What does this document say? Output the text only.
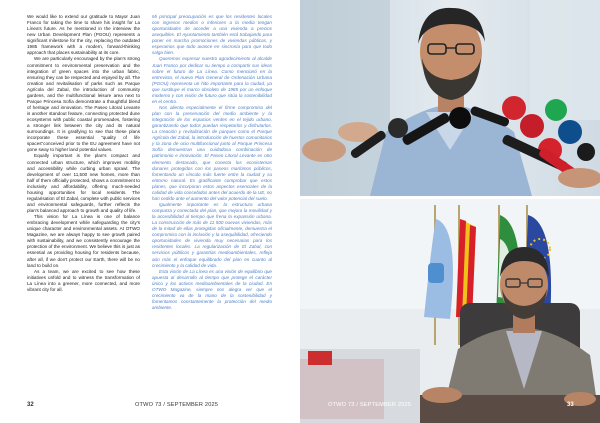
We would like to extend our gratitude to Mayor Juan Franco for taking the time to share his insight for La Línea's future. As he mentioned in the interview the new Urban Development Plan (PGOU) represents a significant milestone for the city, replacing the outdated 1985 framework with a modern, forward-thinking approach that places sustainability at its core.

We are particularly encouraged by the plan's strong commitment to environmental preservation and the integration of green spaces into the urban fabric, ensuring they can be respected and enjoyed by all. The creation and revitalisation of parks such as Parque Agrícola del Zabal, the introduction of community gardens, and the multifunctional leisure area next to Parque Princesa Sofía demonstrate a thoughtful blend of heritage and innovation. The Paseo Litoral Levante is another standout feature, connecting protected dune ecosystems with public coastal promenades, fostering a stronger link between the city and its natural surroundings. It is gratifying to see that these plans incorporate these essential "quality of life spaces"conceived prior to the EU agreement have not gone sway to higher land potential values.

Equally important is the plan's compact and connected urban structure, which improves mobility and accessibility while curbing urban sprawl. The development of over 11,500 new homes, more than half of them officially protected, shows a commitment to inclusivity and affordability, offering much-needed housing opportunities for local residents. The regularisation of El Zabal, complete with public services and environmental safeguards, further reflects the plan's balanced approach to growth and quality of life.

This vision for La Línea is one of balance embracing development while safeguarding the city's unique character and environmental assets. At OTWO Magazine, we are always happy to see growth paired with sustainability, and we consistently encourage the protection of the environment. We believe this is just as essential as providing housing for residents because, after all, if we don't protect our Earth, there will be no land to build on.

As a team, we are excited to see how these initiatives unfold and to witness the transformation of La Línea into a greener, more connected, and more vibrant city for all.

Mi principal preocupación es que los residentes locales con ingresos medios o inferiores a la media tengan oportunidades de acceder a una vivienda a precios asequibles. El Ayuntamiento también está trabajando para poner en marcha promociones de viviendas públicas, y esperamos que todo avance en sincronía para que todo salga bien.

Queremos expresar nuestro agradecimiento al alcalde Juan Franco por dedicar su tiempo a compartir sus ideas sobre el futuro de La Línea. Como mencionó en la entrevista, el nuevo Plan General de Ordenación Urbana (PGOU) representa un hito importante para la ciudad, ya que sustituye el marco obsoleto de 1985 por un enfoque moderno y con visión de futuro que sitúa la sostenibilidad en el centro.

Nos alienta especialmente el firme compromiso del plan con la preservación del medio ambiente y la integración de los espacios verdes en el tejido urbano, garantizando que todos puedan respetarlos y disfrutarlos. La creación y revitalización de parques como el Parque Agrícola del Zabal, la introducción de huertos comunitarios y la zona de ocio multifuncional junto al Parque Princesa Sofía demuestran una cuidadosa combinación de patrimonio e innovación. El Paseo Litoral Levante es otro elemento destacado, que conecta los ecosistemas dunares protegidos con los paseos marítimos públicos, fomentando un vínculo más fuerte entre la ciudad y su entorno natural. Es gratificante comprobar que estos planes, que incorporan estos aspectos esenciales de la calidad de vida concebidos antes del acuerdo de la UE, no han cedido ante el aumento del valor potencial del suelo.

Igualmente importante es la estructura urbana compacta y conectada del plan, que mejora la movilidad y la accesibilidad al tiempo que frena la expansión urbana. La construcción de más de 11 500 nuevas viviendas, más de la mitad de ellas protegidas oficialmente, demuestra el compromiso con la inclusión y la asequibilidad, ofreciendo oportunidades de vivienda muy necesarias para los residentes locales. La regularización de El Zabal, con servicios públicos y garantías medioambientales, refleja aún más el enfoque equilibrado del plan en cuanto al crecimiento y la calidad de vida.

Esta visión de La Línea es una visión de equilibrio que apuesta al desarrollo al tiempo que protege el carácter único y los activos medioambientales de la ciudad. En OTWO Magazine, siempre nos alegra ver que el crecimiento va de la mano de la sostenibilidad y fomentamos constantemente la protección del medio ambiente.

32	OTWO 73 / SEPTEMBER 2025	OTWO 73 / SEPTEMBER 2025	33
